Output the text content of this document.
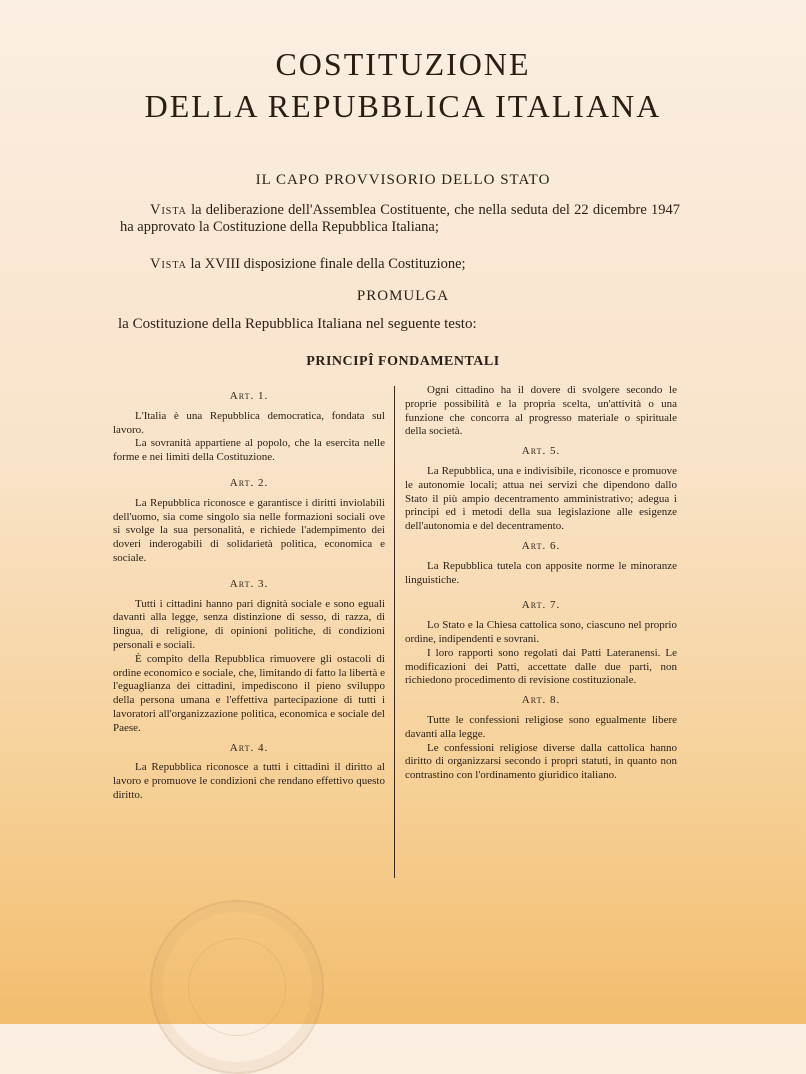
COSTITUZIONE
DELLA REPUBBLICA ITALIANA
IL CAPO PROVVISORIO DELLO STATO
Vista la deliberazione dell'Assemblea Costituente, che nella seduta del 22 dicembre 1947 ha approvato la Costituzione della Repubblica Italiana;
Vista la XVIII disposizione finale della Costituzione;
PROMULGA
la Costituzione della Repubblica Italiana nel seguente testo:
PRINCIPÎ FONDAMENTALI
Art. 1.

L'Italia è una Repubblica democratica, fondata sul lavoro.

La sovranità appartiene al popolo, che la esercita nelle forme e nei limiti della Costituzione.

Art. 2.

La Repubblica riconosce e garantisce i diritti inviolabili dell'uomo, sia come singolo sia nelle formazioni sociali ove si svolge la sua personalità, e richiede l'adempimento dei doveri inderogabili di solidarietà politica, economica e sociale.

Art. 3.

Tutti i cittadini hanno pari dignità sociale e sono eguali davanti alla legge, senza distinzione di sesso, di razza, di lingua, di religione, di opinioni politiche, di condizioni personali e sociali.

È compito della Repubblica rimuovere gli ostacoli di ordine economico e sociale, che, limitando di fatto la libertà e l'eguaglianza dei cittadini, impediscono il pieno sviluppo della persona umana e l'effettiva partecipazione di tutti i lavoratori all'organizzazione politica, economica e sociale del Paese.

Art. 4.

La Repubblica riconosce a tutti i cittadini il diritto al lavoro e promuove le condizioni che rendano effettivo questo diritto.

Ogni cittadino ha il dovere di svolgere secondo le proprie possibilità e la propria scelta, un'attività o una funzione che concorra al progresso materiale o spirituale della società.

Art. 5.

La Repubblica, una e indivisibile, riconosce e promuove le autonomie locali; attua nei servizi che dipendono dallo Stato il più ampio decentramento amministrativo; adegua i principi ed i metodi della sua legislazione alle esigenze dell'autonomia e del decentramento.

Art. 6.

La Repubblica tutela con apposite norme le minoranze linguistiche.

Art. 7.

Lo Stato e la Chiesa cattolica sono, ciascuno nel proprio ordine, indipendenti e sovrani.

I loro rapporti sono regolati dai Patti Lateranensi. Le modificazioni dei Patti, accettate dalle due parti, non richiedono procedimento di revisione costituzionale.

Art. 8.

Tutte le confessioni religiose sono egualmente libere davanti alla legge.

Le confessioni religiose diverse dalla cattolica hanno diritto di organizzarsi secondo i propri statuti, in quanto non contrastino con l'ordinamento giuridico italiano.
